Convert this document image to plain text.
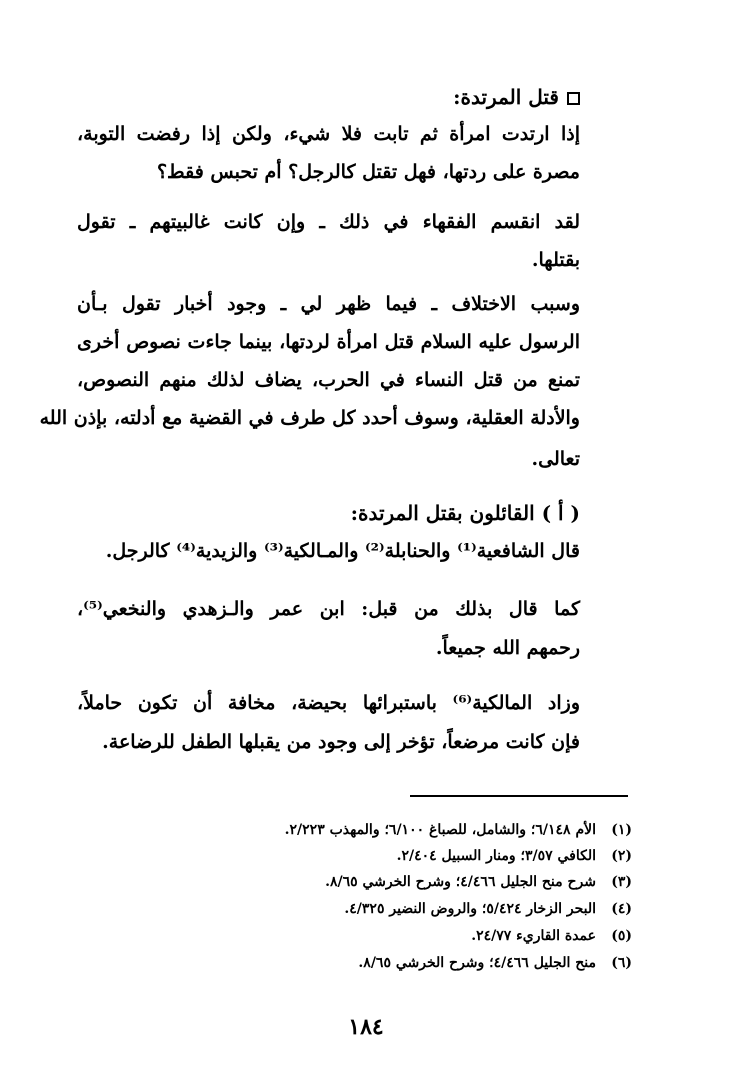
قتل المرتدة:
إذا ارتدت امرأة ثم تابت فلا شيء، ولكن إذا رفضت التوبة،
مصرة على ردتها، فهل تقتل كالرجل؟ أم تحبس فقط؟
لقد انقسم الفقهاء في ذلك ـ وإن كانت غالبيتهم ـ تقول
بقتلها.
وسبب الاختلاف ـ فيما ظهر لي ـ وجود أخبار تقول بـأن
الرسول عليه السلام قتل امرأة لردتها، بينما جاءت نصوص أخرى
تمنع من قتل النساء في الحرب، يضاف لذلك منهم النصوص،
والأدلة العقلية، وسوف أحدد كل طرف في القضية مع أدلته، بإذن الله
تعالى.
( أ ) القائلون بقتل المرتدة:
قال الشافعية⁽¹⁾ والحنابلة⁽²⁾ والمـالكية⁽³⁾ والزيدية⁽⁴⁾ كالرجل.
كما قال بذلك من قبل: ابن عمر والـزهدي والنخعي⁽⁵⁾،
رحمهم الله جميعاً.
وزاد المالكية⁽⁶⁾ باستبرائها بحيضة، مخافة أن تكون حاملاً،
فإن كانت مرضعاً، تؤخر إلى وجود من يقبلها الطفل للرضاعة.
(١)الأم ٦/١٤٨؛ والشامل، للصباغ ٦/١٠٠؛ والمهذب ٢/٢٢٣.
(٢)الكافي ٣/٥٧؛ ومنار السبيل ٢/٤٠٤.
(٣)شرح منح الجليل ٤/٤٦٦؛ وشرح الخرشي ٨/٦٥.
(٤)البحر الزخار ٥/٤٢٤؛ والروض النضير ٤/٣٢٥.
(٥)عمدة القاريء ٢٤/٧٧.
(٦)منح الجليل ٤/٤٦٦؛ وشرح الخرشي ٨/٦٥.
١٨٤
